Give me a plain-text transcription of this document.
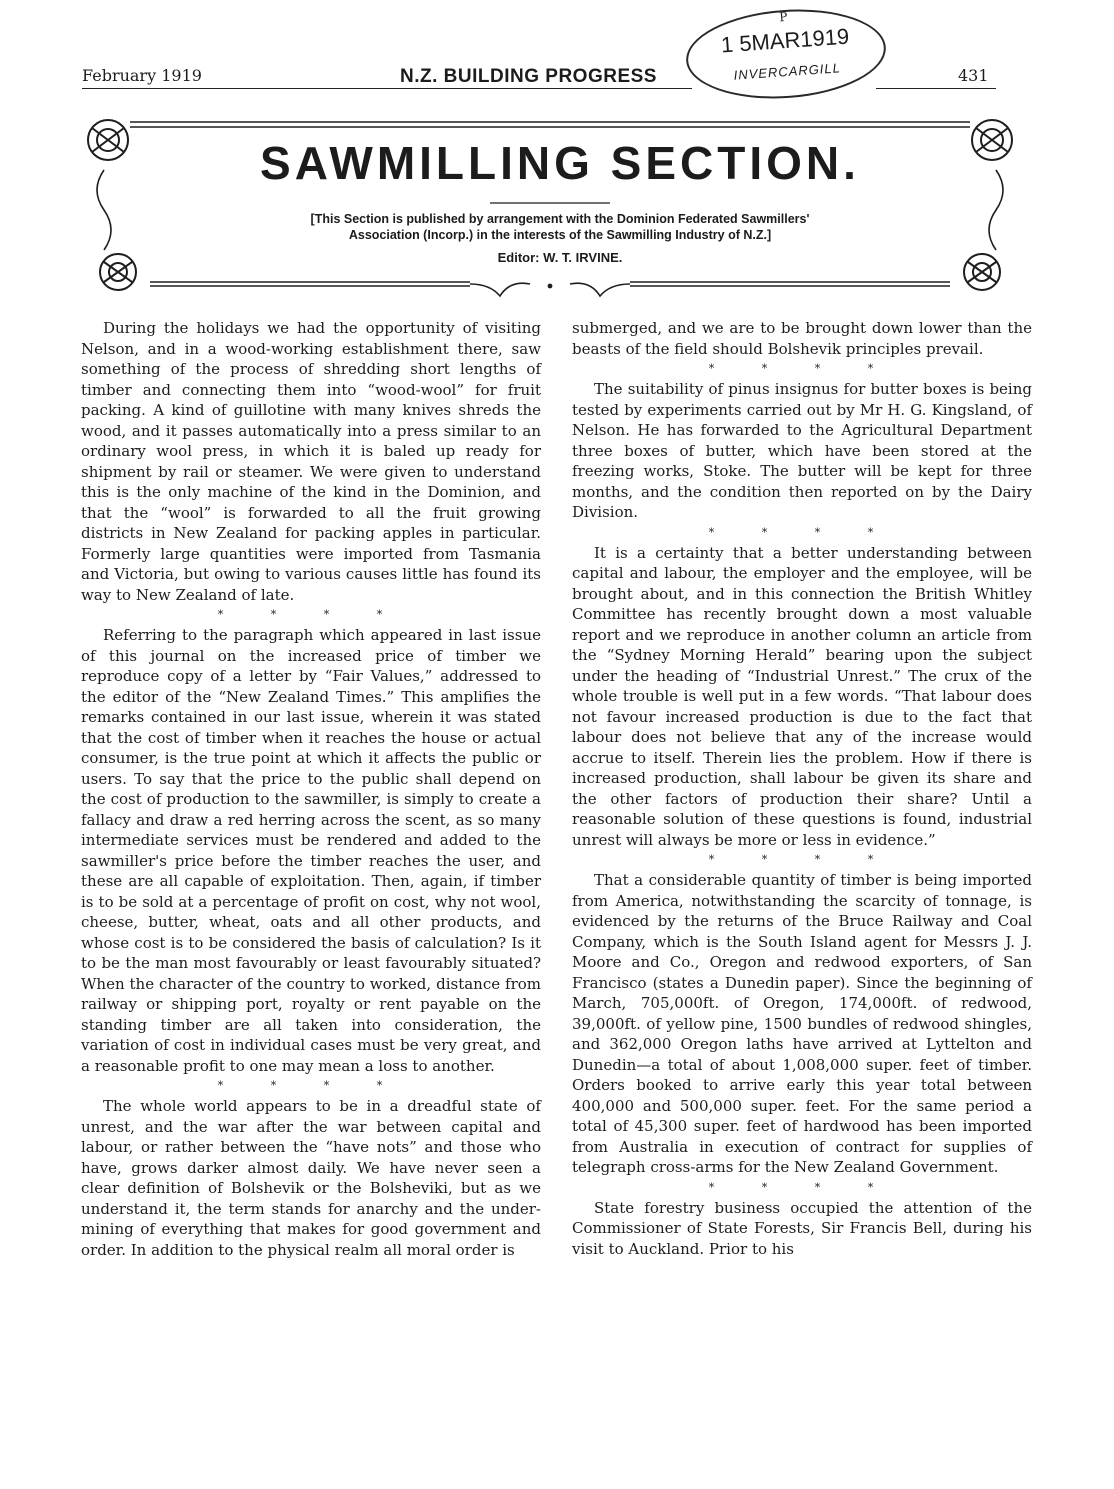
February 1919	N.Z. BUILDING PROGRESS	431
P
1 5MAR1919
INVERCARGILL
SAWMILLING SECTION.
[This Section is published by arrangement with the Dominion Federated Sawmillers'
Association (Incorp.) in the interests of the Sawmilling Industry of N.Z.]
Editor: W. T. IRVINE.

During the holidays we had the opportunity of visiting Nelson, and in a wood-working establishment there, saw something of the process of shredding short lengths of timber and connecting them into “wood-wool” for fruit packing. A kind of guillotine with many knives shreds the wood, and it passes automatically into a press similar to an ordinary wool press, in which it is baled up ready for shipment by rail or steamer. We were given to understand this is the only machine of the kind in the Dominion, and that the “wool” is forwarded to all the fruit growing districts in New Zealand for packing apples in particular. Formerly large quantities were imported from Tasmania and Victoria, but owing to various causes little has found its way to New Zealand of late.

* * * *

Referring to the paragraph which appeared in last issue of this journal on the increased price of timber we reproduce copy of a letter by “Fair Values,” addressed to the editor of the “New Zealand Times.” This amplifies the remarks contained in our last issue, wherein it was stated that the cost of timber when it reaches the house or actual consumer, is the true point at which it affects the public or users. To say that the price to the public shall depend on the cost of production to the sawmiller, is simply to create a fallacy and draw a red herring across the scent, as so many intermediate services must be rendered and added to the sawmiller's price before the timber reaches the user, and these are all capable of exploitation. Then, again, if timber is to be sold at a percentage of profit on cost, why not wool, cheese, butter, wheat, oats and all other products, and whose cost is to be considered the basis of calculation? Is it to be the man most favourably or least favourably situated? When the character of the country to worked, distance from railway or shipping port, royalty or rent payable on the standing timber are all taken into consideration, the variation of cost in individual cases must be very great, and a reasonable profit to one may mean a loss to another.

* * * *

The whole world appears to be in a dreadful state of unrest, and the war after the war between capital and labour, or rather between the “have nots” and those who have, grows darker almost daily. We have never seen a clear definition of Bolshevik or the Bolsheviki, but as we understand it, the term stands for anarchy and the under-mining of everything that makes for good government and order. In addition to the physical realm all moral order is

submerged, and we are to be brought down lower than the beasts of the field should Bolshevik principles prevail.

* * * *

The suitability of pinus insignus for butter boxes is being tested by experiments carried out by Mr H. G. Kingsland, of Nelson. He has forwarded to the Agricultural Department three boxes of butter, which have been stored at the freezing works, Stoke. The butter will be kept for three months, and the condition then reported on by the Dairy Division.

* * * *

It is a certainty that a better understanding between capital and labour, the employer and the employee, will be brought about, and in this connection the British Whitley Committee has recently brought down a most valuable report and we reproduce in another column an article from the “Sydney Morning Herald” bearing upon the subject under the heading of “Industrial Unrest.” The crux of the whole trouble is well put in a few words. “That labour does not favour increased production is due to the fact that labour does not believe that any of the increase would accrue to itself. Therein lies the problem. How if there is increased production, shall labour be given its share and the other factors of production their share? Until a reasonable solution of these questions is found, industrial unrest will always be more or less in evidence.”

* * * *

That a considerable quantity of timber is being imported from America, notwithstanding the scarcity of tonnage, is evidenced by the returns of the Bruce Railway and Coal Company, which is the South Island agent for Messrs J. J. Moore and Co., Oregon and redwood exporters, of San Francisco (states a Dunedin paper). Since the beginning of March, 705,000ft. of Oregon, 174,000ft. of redwood, 39,000ft. of yellow pine, 1500 bundles of redwood shingles, and 362,000 Oregon laths have arrived at Lyttelton and Dunedin—a total of about 1,008,000 super. feet of timber. Orders booked to arrive early this year total between 400,000 and 500,000 super. feet. For the same period a total of 45,300 super. feet of hardwood has been imported from Australia in execution of contract for supplies of telegraph cross-arms for the New Zealand Government.

* * * *

State forestry business occupied the attention of the Commissioner of State Forests, Sir Francis Bell, during his visit to Auckland. Prior to his
